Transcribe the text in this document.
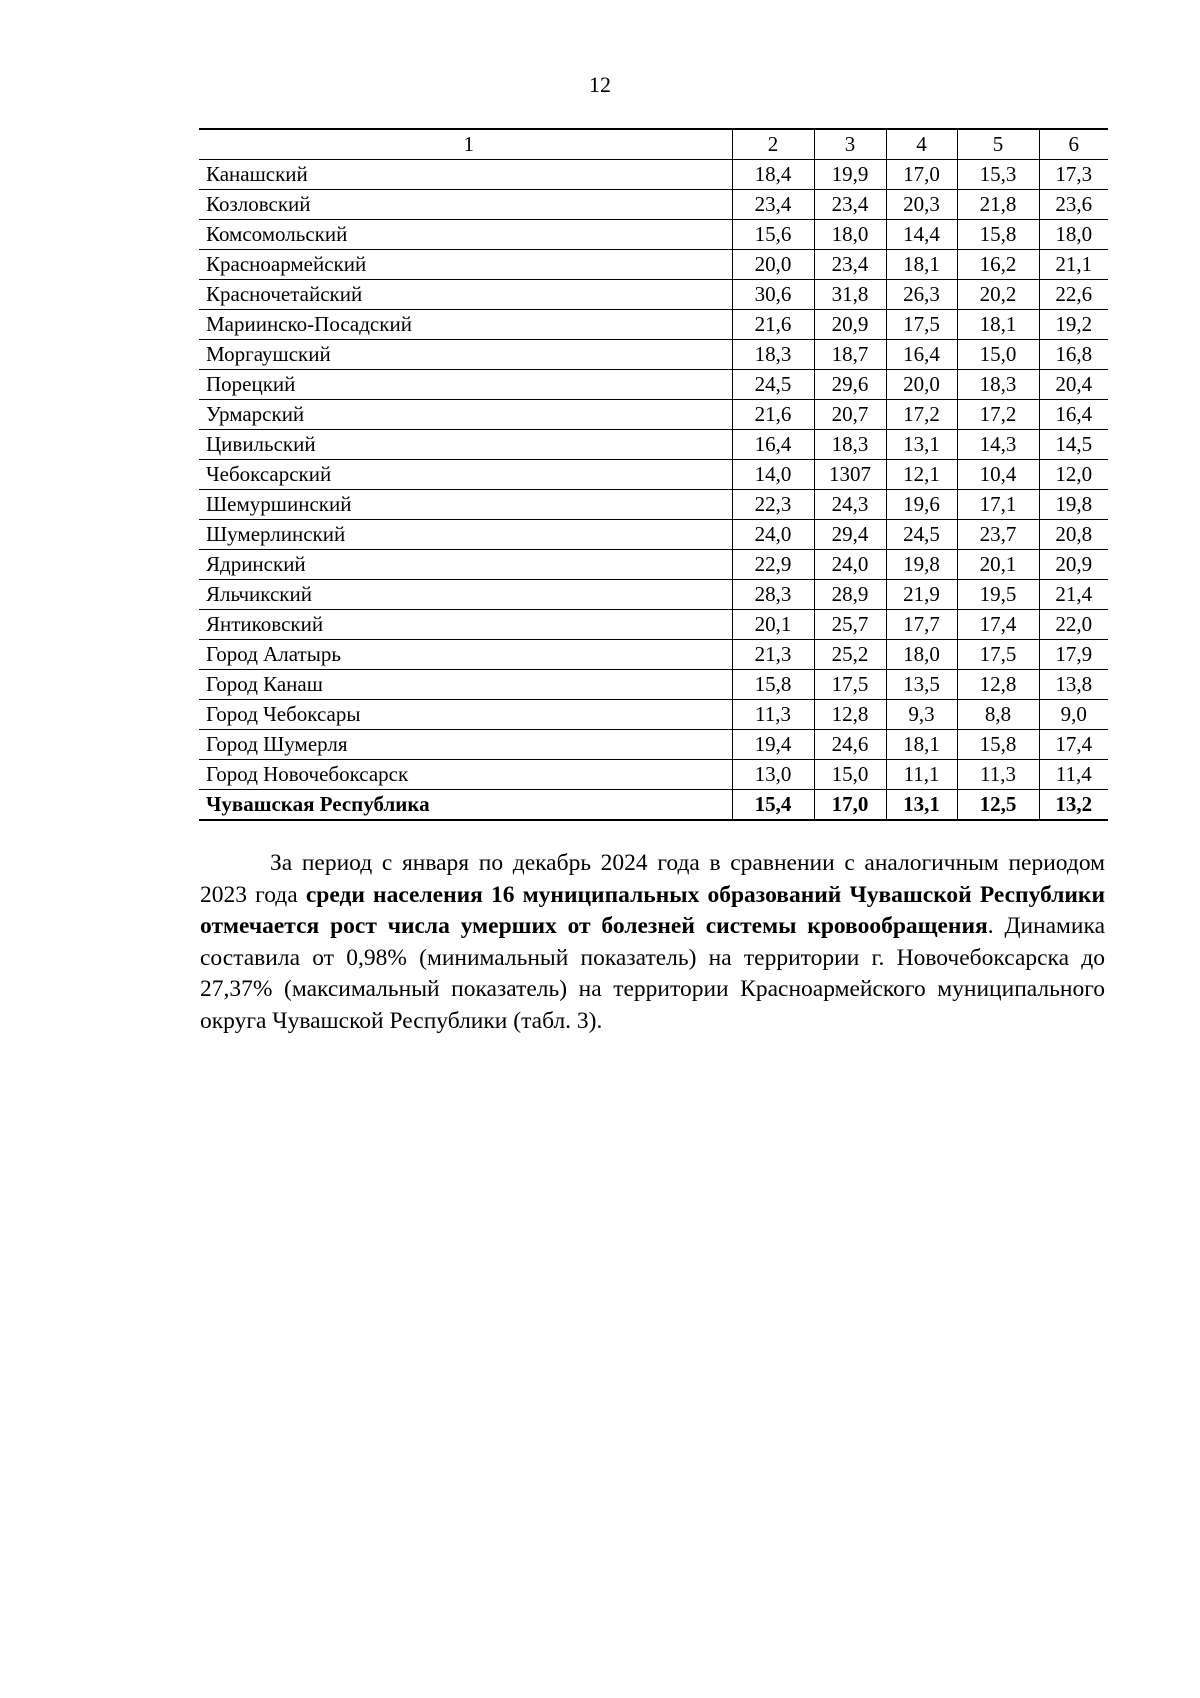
12
1	2	3	4	5	6
Канашский	18,4	19,9	17,0	15,3	17,3
Козловский	23,4	23,4	20,3	21,8	23,6
Комсомольский	15,6	18,0	14,4	15,8	18,0
Красноармейский	20,0	23,4	18,1	16,2	21,1
Красночетайский	30,6	31,8	26,3	20,2	22,6
Мариинско-Посадский	21,6	20,9	17,5	18,1	19,2
Моргаушский	18,3	18,7	16,4	15,0	16,8
Порецкий	24,5	29,6	20,0	18,3	20,4
Урмарский	21,6	20,7	17,2	17,2	16,4
Цивильский	16,4	18,3	13,1	14,3	14,5
Чебоксарский	14,0	1307	12,1	10,4	12,0
Шемуршинский	22,3	24,3	19,6	17,1	19,8
Шумерлинский	24,0	29,4	24,5	23,7	20,8
Ядринский	22,9	24,0	19,8	20,1	20,9
Яльчикский	28,3	28,9	21,9	19,5	21,4
Янтиковский	20,1	25,7	17,7	17,4	22,0
Город Алатырь	21,3	25,2	18,0	17,5	17,9
Город Канаш	15,8	17,5	13,5	12,8	13,8
Город Чебоксары	11,3	12,8	9,3	8,8	9,0
Город Шумерля	19,4	24,6	18,1	15,8	17,4
Город Новочебоксарск	13,0	15,0	11,1	11,3	11,4
Чувашская Республика	15,4	17,0	13,1	12,5	13,2

За период с января по декабрь 2024 года в сравнении с аналогичным периодом 2023 года среди населения 16 муниципальных образований Чувашской Республики отмечается рост числа умерших от болезней системы кровообращения. Динамика составила от 0,98% (минимальный показатель) на территории г. Новочебоксарска до 27,37% (максимальный показатель) на территории Красноармейского муниципального округа Чувашской Республики (табл. 3).
